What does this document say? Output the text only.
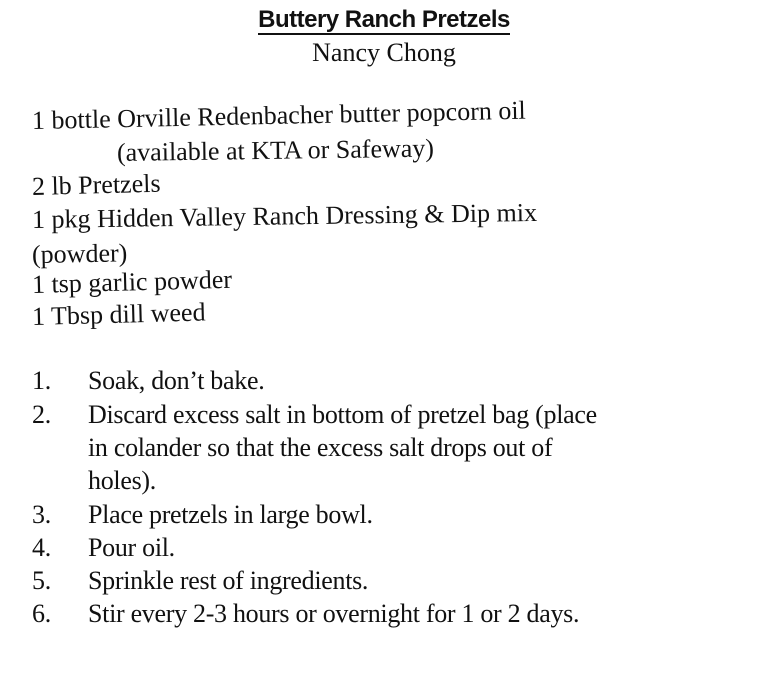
Buttery Ranch Pretzels
Nancy Chong
1 bottle Orville Redenbacher butter popcorn oil
(available at KTA or Safeway)
2 lb Pretzels
1 pkg Hidden Valley Ranch Dressing & Dip mix
(powder)
1 tsp garlic powder
1 Tbsp dill weed
1. Soak, don’t bake.
2. Discard excess salt in bottom of pretzel bag (place
in colander so that the excess salt drops out of
holes).
3. Place pretzels in large bowl.
4. Pour oil.
5. Sprinkle rest of ingredients.
6. Stir every 2-3 hours or overnight for 1 or 2 days.
